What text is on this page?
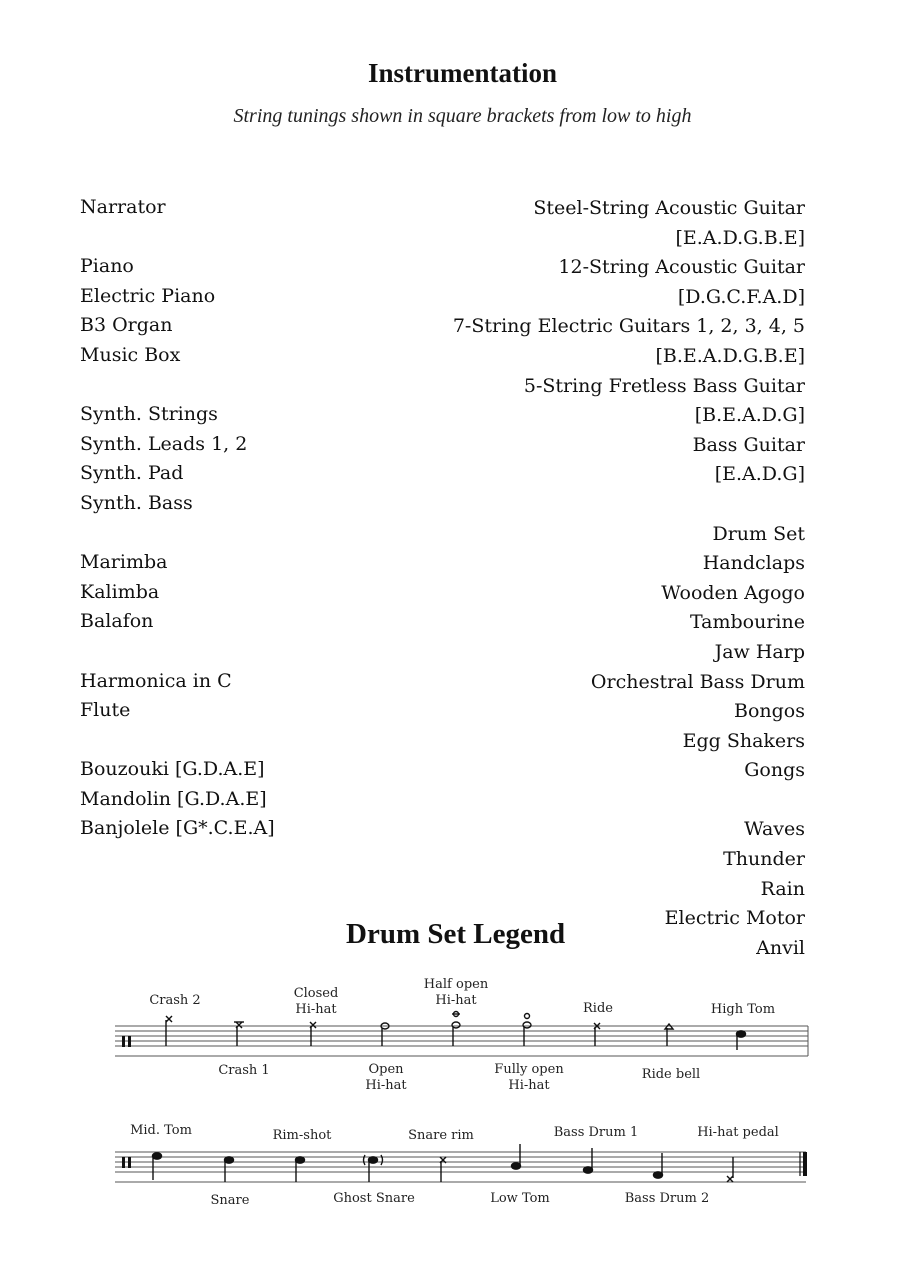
Instrumentation
String tunings shown in square brackets from low to high
Narrator
Piano
Electric Piano
B3 Organ
Music Box
Synth. Strings
Synth. Leads 1, 2
Synth. Pad
Synth. Bass
Marimba
Kalimba
Balafon
Harmonica in C
Flute
Bouzouki [G.D.A.E]
Mandolin [G.D.A.E]
Banjolele [G*.C.E.A]
Steel-String Acoustic Guitar
[E.A.D.G.B.E]
12-String Acoustic Guitar
[D.G.C.F.A.D]
7-String Electric Guitars 1, 2, 3, 4, 5
[B.E.A.D.G.B.E]
5-String Fretless Bass Guitar
[B.E.A.D.G]
Bass Guitar
[E.A.D.G]
Drum Set
Handclaps
Wooden Agogo
Tambourine
Jaw Harp
Orchestral Bass Drum
Bongos
Egg Shakers
Gongs
Waves
Thunder
Rain
Electric Motor
Anvil
Drum Set Legend
Crash 2	Closed
Hi-hat
Half open
Hi-hat
Ride	High Tom
Crash 1	Open
Hi-hat
Fully open
Hi-hat
Ride bell
Mid. Tom	Rim-shot	Snare rim	Bass Drum 1	Hi-hat pedal
Snare	Ghost Snare	Low Tom	Bass Drum 2
